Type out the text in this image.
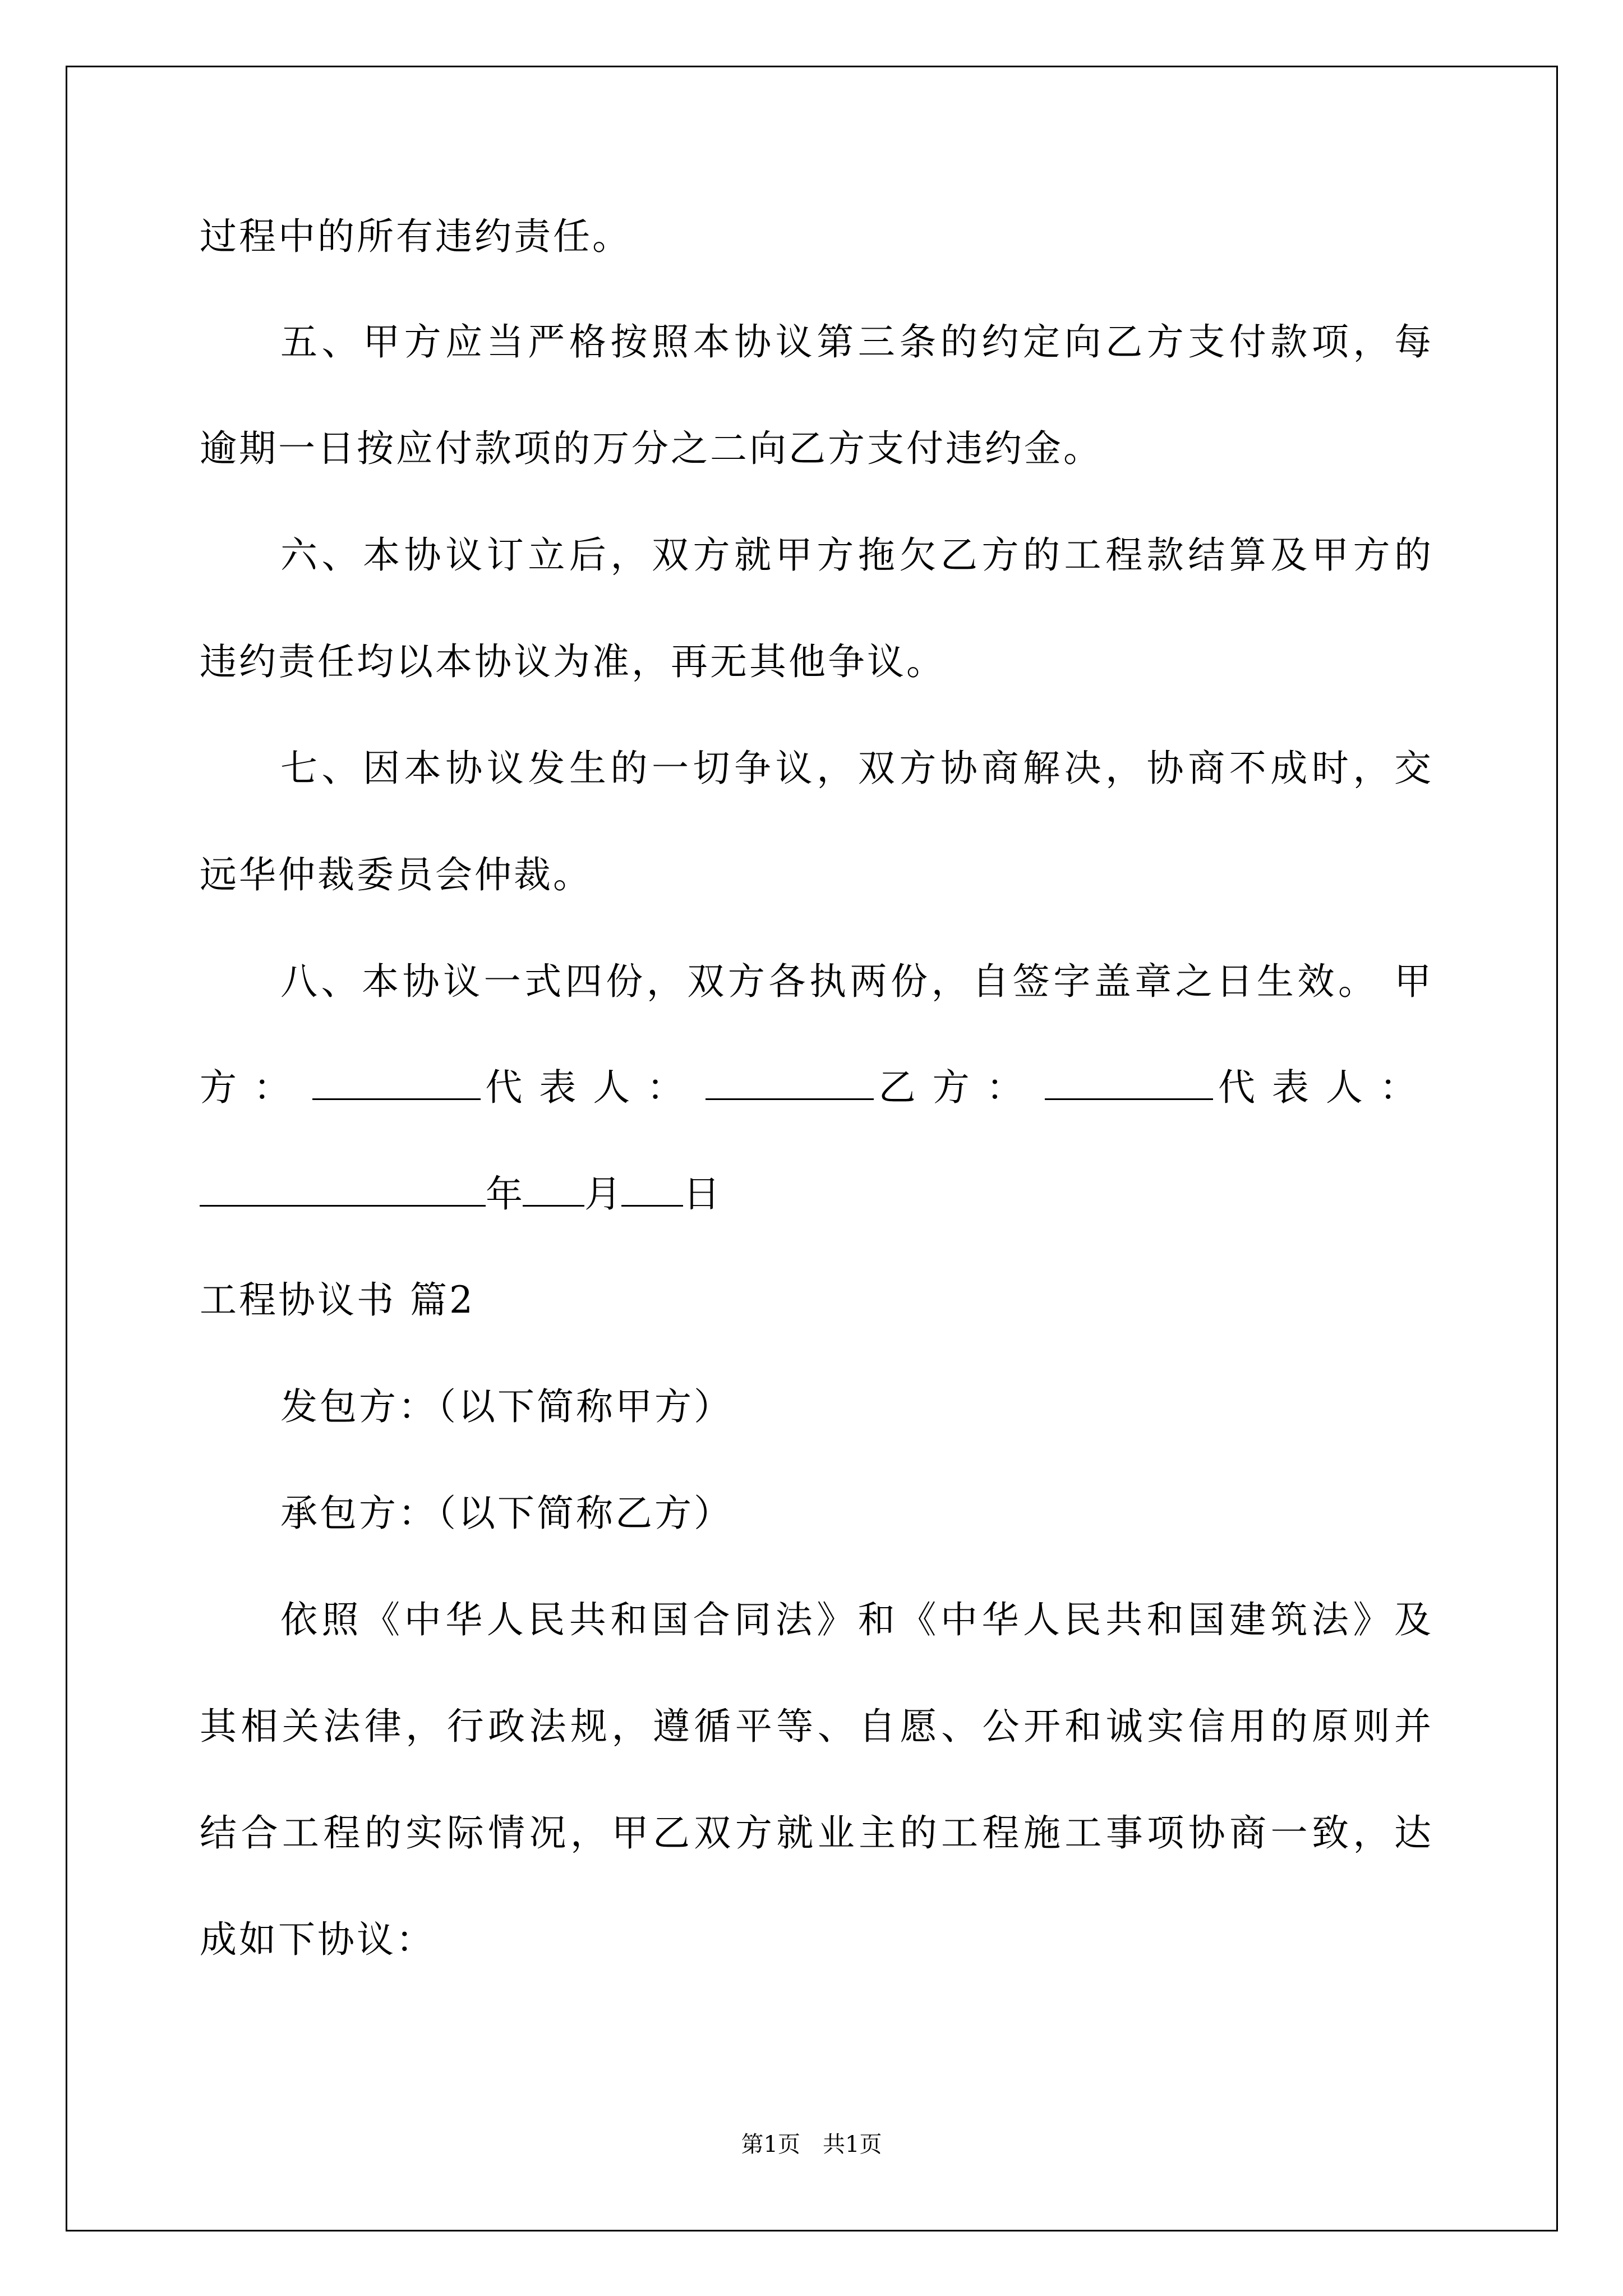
过程中的所有违约责任。
五、甲方应当严格按照本协议第三条的约定向乙方支付款项，每
逾期一日按应付款项的万分之二向乙方支付违约金。
六、本协议订立后，双方就甲方拖欠乙方的工程款结算及甲方的
违约责任均以本协议为准，再无其他争议。
七、因本协议发生的一切争议，双方协商解决，协商不成时，交
远华仲裁委员会仲裁。
八、本协议一式四份，双方各执两份，自签字盖章之日生效。 甲
方：	代表人：	乙方：	代表人：
年 月 日
工程协议书 篇2
发包方：（以下简称甲方）
承包方：（以下简称乙方）
依照《中华人民共和国合同法》和《中华人民共和国建筑法》及
其相关法律，行政法规，遵循平等、自愿、公开和诚实信用的原则并
结合工程的实际情况，甲乙双方就业主的工程施工事项协商一致，达
成如下协议：
第1页　共1页
